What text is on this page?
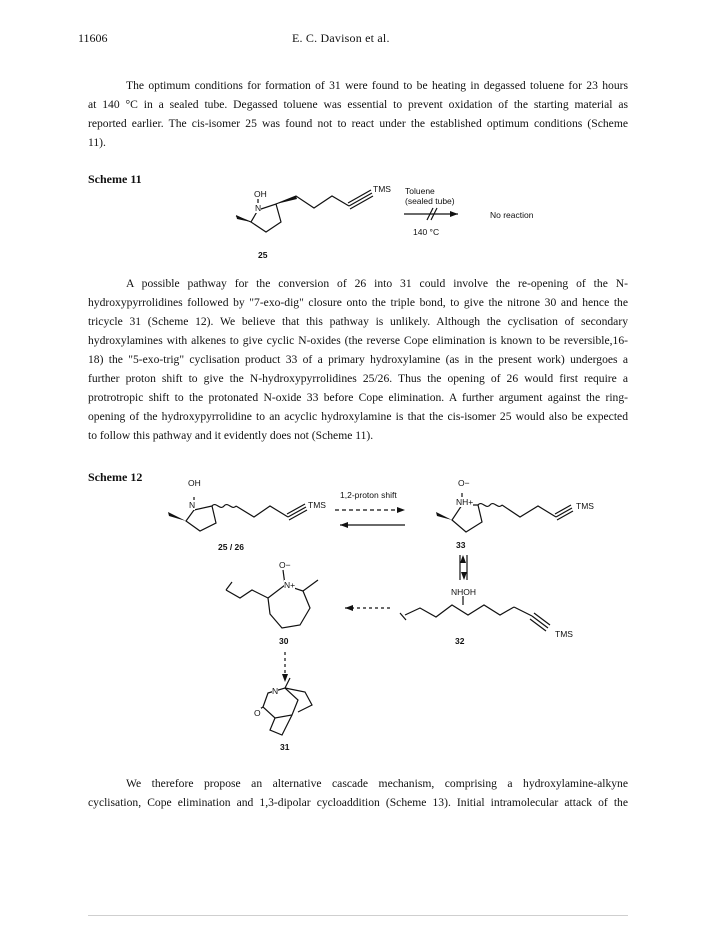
11606	E. C. Davison et al.
The optimum conditions for formation of 31 were found to be heating in degassed toluene for 23 hours
at 140 °C in a sealed tube. Degassed toluene was essential to prevent oxidation of the starting material as
reported earlier. The cis-isomer 25 was found not to react under the established optimum conditions (Scheme
11).
Scheme 11
OH
N
TMS Toluene
(sealed tube)
140 °C
No reaction
25
A possible pathway for the conversion of 26 into 31 could involve the re-opening of the N-
hydroxypyrrolidines followed by "7-exo-dig" closure onto the triple bond, to give the nitrone 30 and hence the
tricycle 31 (Scheme 12). We believe that this pathway is unlikely. Although the cyclisation of secondary
hydroxylamines with alkenes to give cyclic N-oxides (the reverse Cope elimination is known to be reversible,16-
18) the "5-exo-trig" cyclisation product 33 of a primary hydroxylamine (as in the present work) undergoes a
further proton shift to give the N-hydroxypyrrolidines 25/26. Thus the opening of 26 would first require a
protrotropic shift to the protonated N-oxide 33 before Cope elimination. A further argument against the ring-
opening of the hydroxypyrrolidine to an acyclic hydroxylamine is that the cis-isomer 25 would also be expected
to follow this pathway and it evidently does not (Scheme 11).
Scheme 12	OH
N	TMS
1,2-proton shift
O−
NH+	TMS
25 / 26	33
O−
N+
NHOH
TMS
30	32
N
O
31
We therefore propose an alternative cascade mechanism, comprising a hydroxylamine-alkyne
cyclisation, Cope elimination and 1,3-dipolar cycloaddition (Scheme 13). Initial intramolecular attack of the
